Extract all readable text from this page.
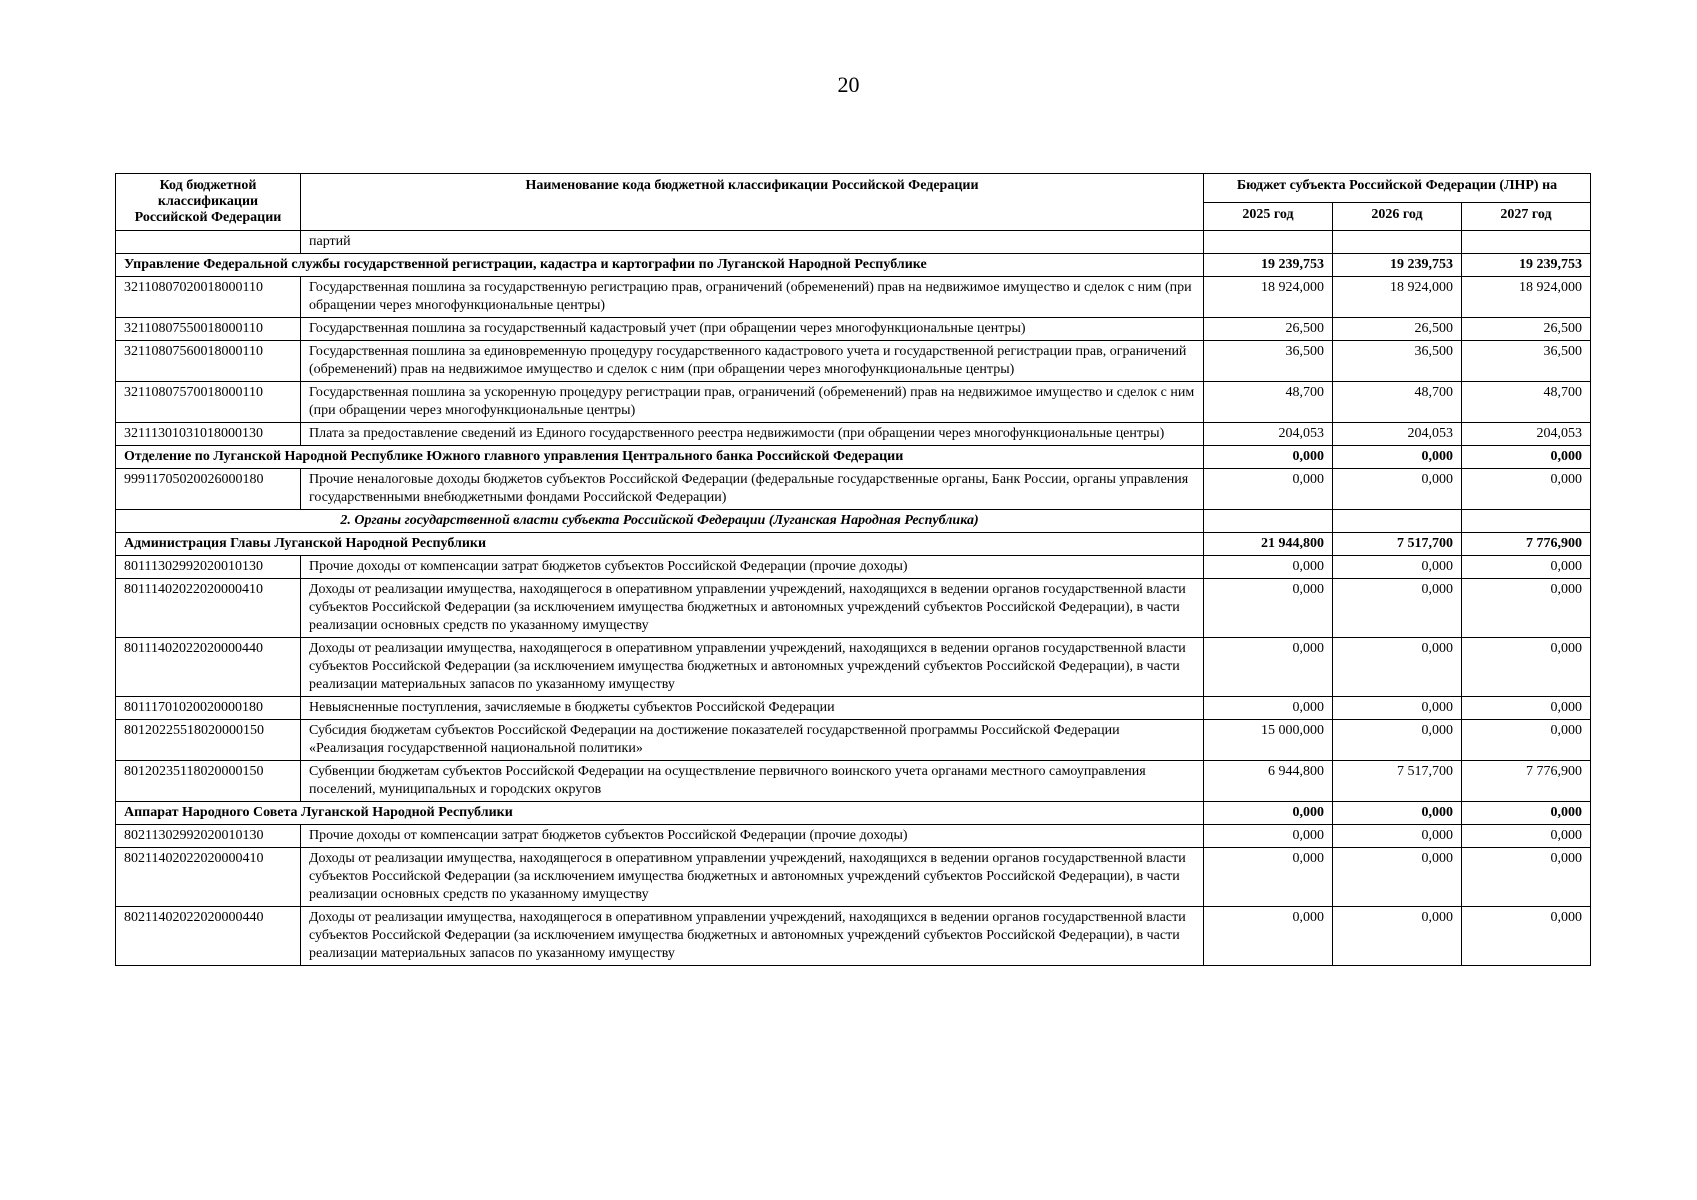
20
Код бюджетной классификации Российской Федерации	Наименование кода бюджетной классификации Российской Федерации	Бюджет субъекта Российской Федерации (ЛНР) на		
		2025 год	2026 год	2027 год
	партий			
Управление Федеральной службы государственной регистрации, кадастра и картографии по Луганской Народной Республике		19 239,753	19 239,753	19 239,753
32110807020018000110	Государственная пошлина за государственную регистрацию прав, ограничений (обременений) прав на недвижимое имущество и сделок с ним (при обращении через многофункциональные центры)	18 924,000	18 924,000	18 924,000
32110807550018000110	Государственная пошлина за государственный кадастровый учет (при обращении через многофункциональные центры)	26,500	26,500	26,500
32110807560018000110	Государственная пошлина за единовременную процедуру государственного кадастрового учета и государственной регистрации прав, ограничений (обременений) прав на недвижимое имущество и сделок с ним (при обращении через многофункциональные центры)	36,500	36,500	36,500
32110807570018000110	Государственная пошлина за ускоренную процедуру регистрации прав, ограничений (обременений) прав на недвижимое имущество и сделок с ним (при обращении через многофункциональные центры)	48,700	48,700	48,700
32111301031018000130	Плата за предоставление сведений из Единого государственного реестра недвижимости (при обращении через многофункциональные центры)	204,053	204,053	204,053
Отделение по Луганской Народной Республике Южного главного управления Центрального банка Российской Федерации		0,000	0,000	0,000
99911705020026000180	Прочие неналоговые доходы бюджетов субъектов Российской Федерации (федеральные государственные органы, Банк России, органы управления государственными внебюджетными фондами Российской Федерации)	0,000	0,000	0,000
2. Органы государственной власти субъекта Российской Федерации (Луганская Народная Республика)				
Администрация Главы Луганской Народной Республики		21 944,800	7 517,700	7 776,900
80111302992020010130	Прочие доходы от компенсации затрат бюджетов субъектов Российской Федерации (прочие доходы)	0,000	0,000	0,000
80111402022020000410	Доходы от реализации имущества, находящегося в оперативном управлении учреждений, находящихся в ведении органов государственной власти субъектов Российской Федерации (за исключением имущества бюджетных и автономных учреждений субъектов Российской Федерации), в части реализации основных средств по указанному имуществу	0,000	0,000	0,000
80111402022020000440	Доходы от реализации имущества, находящегося в оперативном управлении учреждений, находящихся в ведении органов государственной власти субъектов Российской Федерации (за исключением имущества бюджетных и автономных учреждений субъектов Российской Федерации), в части реализации материальных запасов по указанному имуществу	0,000	0,000	0,000
80111701020020000180	Невыясненные поступления, зачисляемые в бюджеты субъектов Российской Федерации	0,000	0,000	0,000
80120225518020000150	Субсидия бюджетам субъектов Российской Федерации на достижение показателей государственной программы Российской Федерации «Реализация государственной национальной политики»	15 000,000	0,000	0,000
80120235118020000150	Субвенции бюджетам субъектов Российской Федерации на осуществление первичного воинского учета органами местного самоуправления поселений, муниципальных и городских округов	6 944,800	7 517,700	7 776,900
Аппарат Народного Совета Луганской Народной Республики		0,000	0,000	0,000
80211302992020010130	Прочие доходы от компенсации затрат бюджетов субъектов Российской Федерации (прочие доходы)	0,000	0,000	0,000
80211402022020000410	Доходы от реализации имущества, находящегося в оперативном управлении учреждений, находящихся в ведении органов государственной власти субъектов Российской Федерации (за исключением имущества бюджетных и автономных учреждений субъектов Российской Федерации), в части реализации основных средств по указанному имуществу	0,000	0,000	0,000
80211402022020000440	Доходы от реализации имущества, находящегося в оперативном управлении учреждений, находящихся в ведении органов государственной власти субъектов Российской Федерации (за исключением имущества бюджетных и автономных учреждений субъектов Российской Федерации), в части реализации материальных запасов по указанному имуществу	0,000	0,000	0,000
